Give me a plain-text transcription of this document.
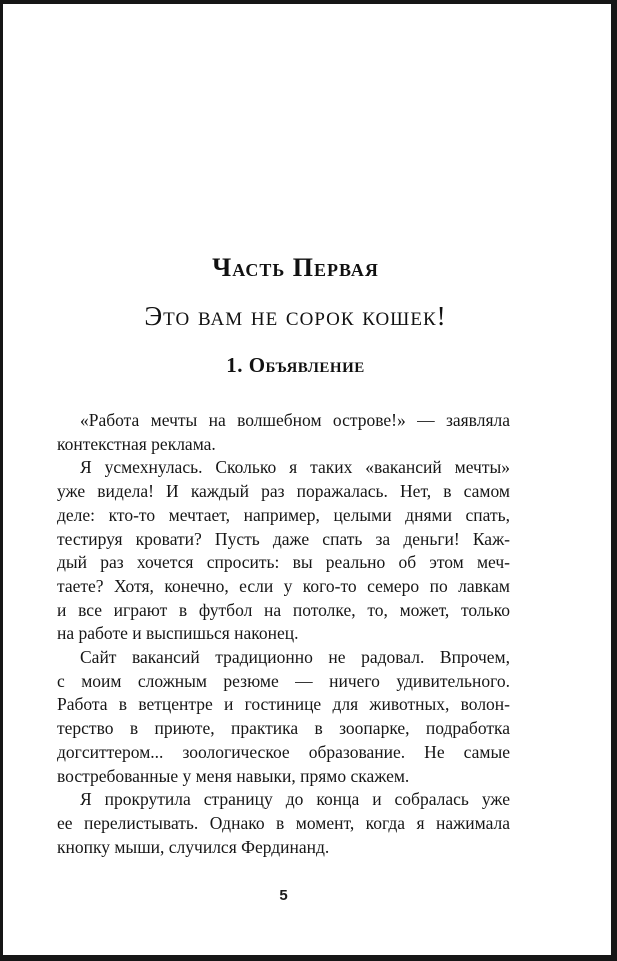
Часть Первая
Это вам не сорок кошек!
1. Объявление
«Работа мечты на волшебном острове!» — заявляла
контекстная реклама.
Я усмехнулась. Сколько я таких «вакансий мечты»
уже видела! И каждый раз поражалась. Нет, в самом
деле: кто-то мечтает, например, целыми днями спать,
тестируя кровати? Пусть даже спать за деньги! Каж-
дый раз хочется спросить: вы реально об этом меч-
таете? Хотя, конечно, если у кого-то семеро по лавкам
и все играют в футбол на потолке, то, может, только
на работе и выспишься наконец.
Сайт вакансий традиционно не радовал. Впрочем,
с моим сложным резюме — ничего удивительного.
Работа в ветцентре и гостинице для животных, волон-
терство в приюте, практика в зоопарке, подработка
догситтером... зоологическое образование. Не самые
востребованные у меня навыки, прямо скажем.
Я прокрутила страницу до конца и собралась уже
ее перелистывать. Однако в момент, когда я нажимала
кнопку мыши, случился Фердинанд.
5
